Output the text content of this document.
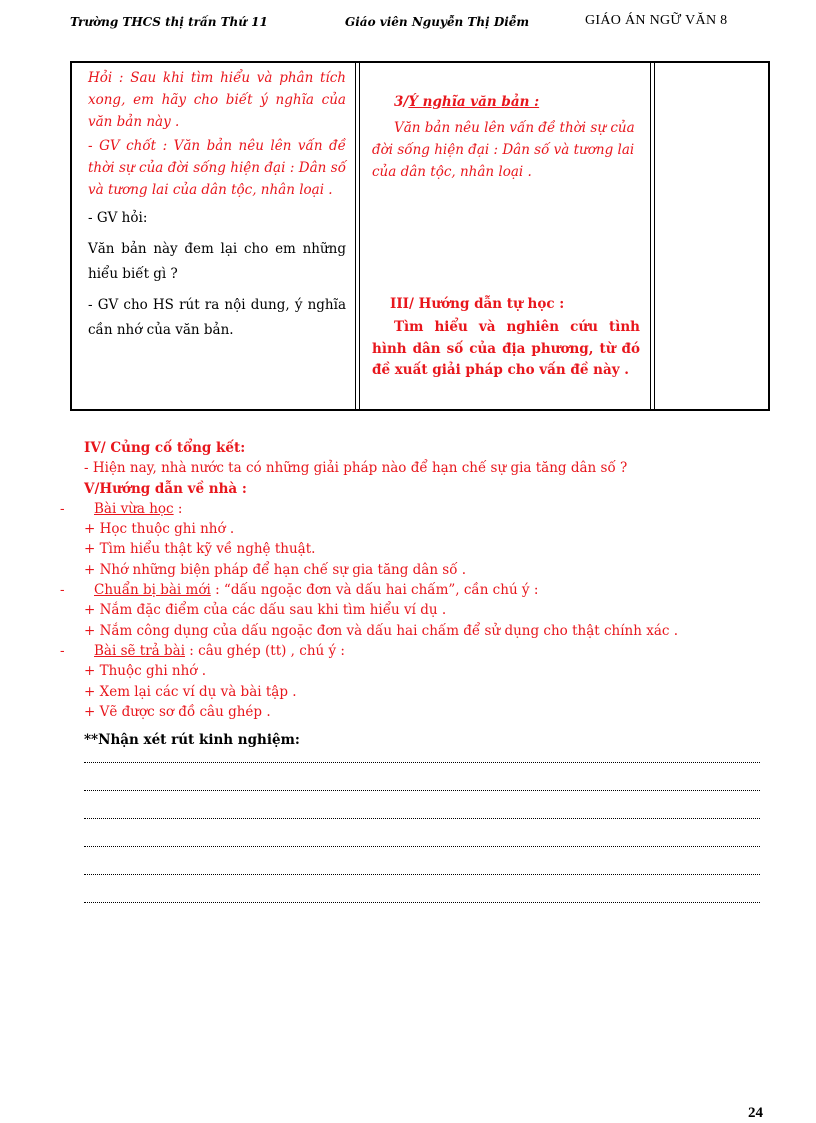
Trường THCS thị trấn Thứ 11	Giáo viên Nguyễn Thị Diễm	GIÁO ÁN NGỮ VĂN 8

Hỏi : Sau khi tìm hiểu và phân tích xong, em hãy cho biết ý nghĩa của văn bản này .

- GV chốt : Văn bản nêu lên vấn đề thời sự của đời sống hiện đại : Dân số và tương lai của dân tộc, nhân loại .

- GV hỏi:

Văn bản này đem lại cho em những hiểu biết gì ?

- GV cho HS rút ra nội dung, ý nghĩa cần nhớ của văn bản.

3/Ý nghĩa văn bản :
Văn bản nêu lên vấn đề thời sự của đời sống hiện đại : Dân số và tương lai của dân tộc, nhân loại .
III/ Hướng dẫn tự học :
Tìm hiểu và nghiên cứu tình hình dân số của địa phương, từ đó đề xuất giải pháp cho vấn đề này .

IV/ Củng cố tổng kết:

- Hiện nay, nhà nước ta có những giải pháp nào để hạn chế sự gia tăng dân số ?

V/Hướng dẫn về nhà :

- Bài vừa học :

+ Học thuộc ghi nhớ .

+ Tìm hiểu thật kỹ về nghệ thuật.

+ Nhớ những biện pháp để hạn chế sự gia tăng dân số .

- Chuẩn bị bài mới : “dấu ngoặc đơn và dấu hai chấm”, cần chú ý :

+ Nắm đặc điểm của các dấu sau khi tìm hiểu ví dụ .

+ Nắm công dụng của dấu ngoặc đơn và dấu hai chấm để sử dụng cho thật chính xác .

- Bài sẽ trả bài : câu ghép (tt) , chú ý :

+ Thuộc ghi nhớ .

+ Xem lại các ví dụ và bài tập .

+ Vẽ được sơ đồ câu ghép .

**Nhận xét rút kinh nghiệm:

24
